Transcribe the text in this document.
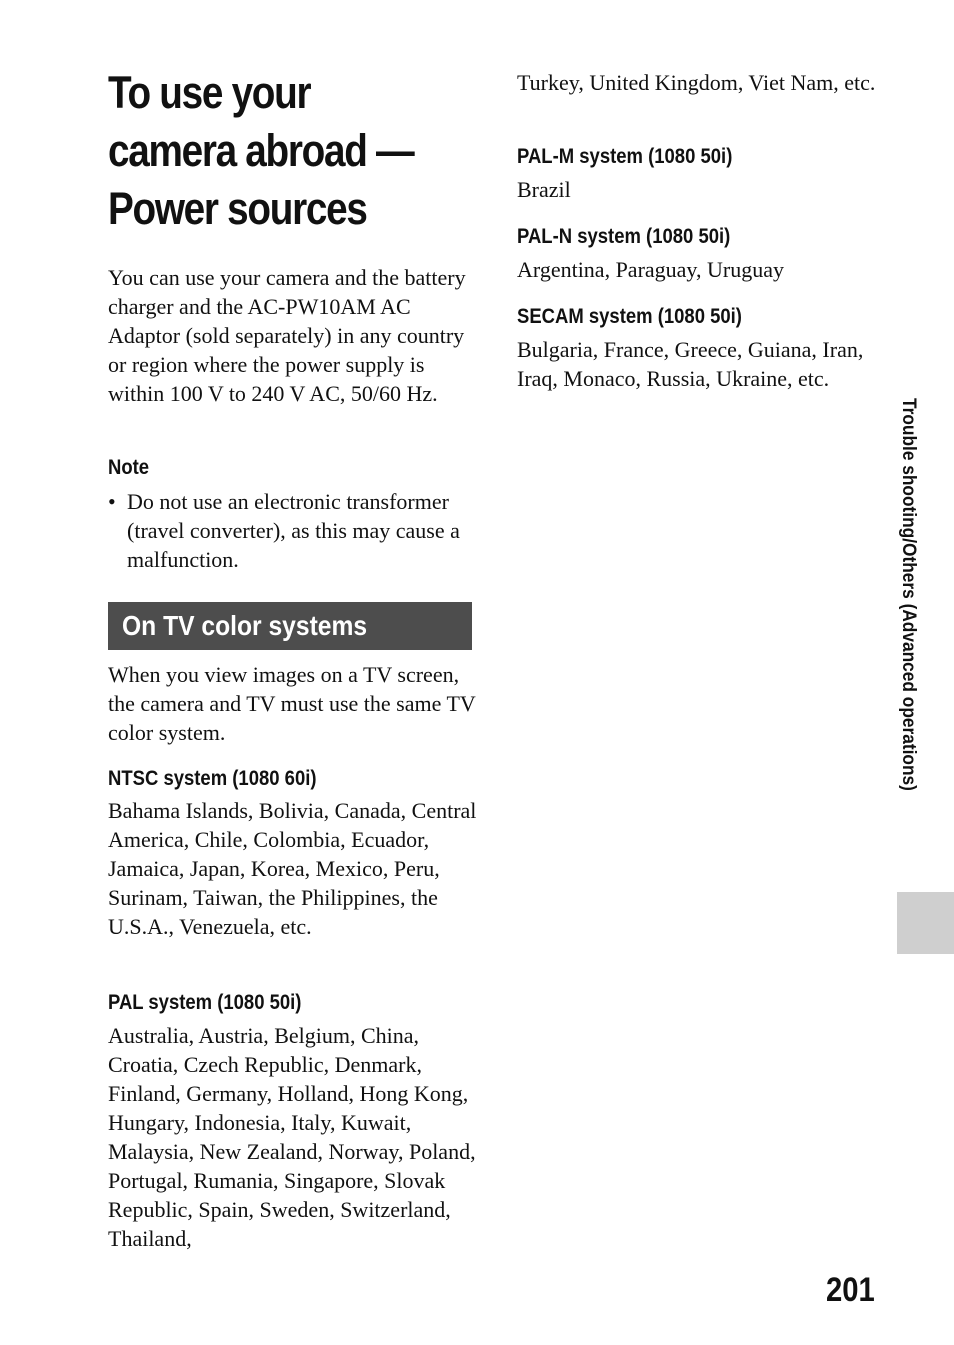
To use your
camera abroad —
Power sources

You can use your camera and the battery charger and the AC-PW10AM AC Adaptor (sold separately) in any country or region where the power supply is within 100 V to 240 V AC, 50/60 Hz.

Note
• Do not use an electronic transformer (travel converter), as this may cause a malfunction.
On TV color systems

When you view images on a TV screen, the camera and TV must use the same TV color system.

NTSC system (1080 60i)

Bahama Islands, Bolivia, Canada, Central America, Chile, Colombia, Ecuador, Jamaica, Japan, Korea, Mexico, Peru, Surinam, Taiwan, the Philippines, the U.S.A., Venezuela, etc.

PAL system (1080 50i)

Australia, Austria, Belgium, China, Croatia, Czech Republic, Denmark, Finland, Germany, Holland, Hong Kong, Hungary, Indonesia, Italy, Kuwait, Malaysia, New Zealand, Norway, Poland, Portugal, Rumania, Singapore, Slovak Republic, Spain, Sweden, Switzerland, Thailand,

Turkey, United Kingdom, Viet Nam, etc.

PAL-M system (1080 50i)

Brazil

PAL-N system (1080 50i)

Argentina, Paraguay, Uruguay

SECAM system (1080 50i)

Bulgaria, France, Greece, Guiana, Iran, Iraq, Monaco, Russia, Ukraine, etc.

Trouble shooting/Others (Advanced operations)
201
